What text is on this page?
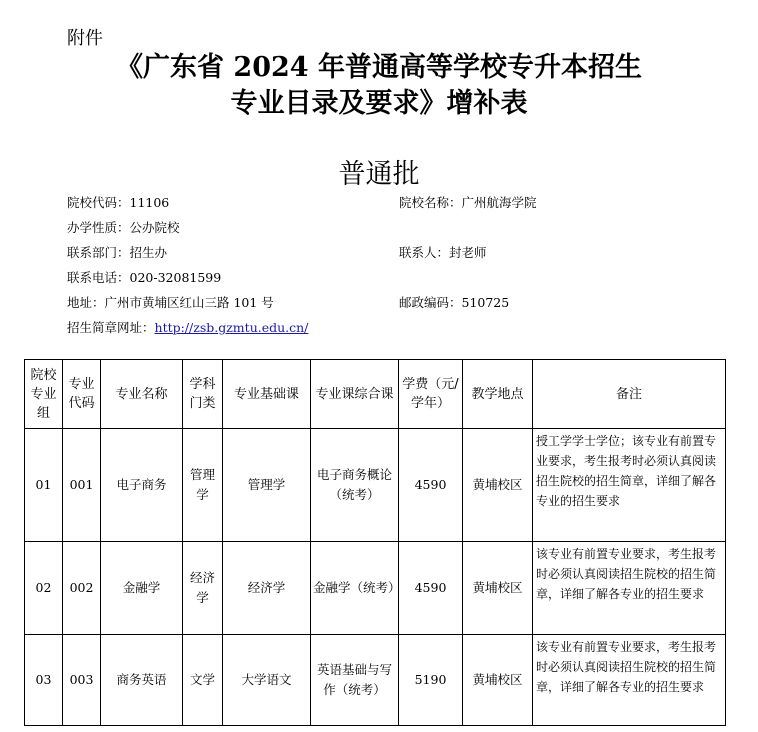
附件
《广东省 2024 年普通高等学校专升本招生
专业目录及要求》增补表
普通批
院校代码：11106	院校名称：广州航海学院
办学性质：公办院校
联系部门：招生办	联系人：封老师
联系电话：020-32081599
地址：广州市黄埔区红山三路 101 号	邮政编码：510725
招生简章网址：http://zsb.gzmtu.edu.cn/
院校专业组	专业代码	专业名称	学科门类	专业基础课	专业课综合课	学费（元/学年）	教学地点	备注
01	001	电子商务	管理学	管理学	电子商务概论（统考）	4590	黄埔校区	授工学学士学位；该专业有前置专业要求，考生报考时必须认真阅读招生院校的招生简章，详细了解各专业的招生要求
02	002	金融学	经济学	经济学	金融学（统考）	4590	黄埔校区	该专业有前置专业要求，考生报考时必须认真阅读招生院校的招生简章，详细了解各专业的招生要求
03	003	商务英语	文学	大学语文	英语基础与写作（统考）	5190	黄埔校区	该专业有前置专业要求，考生报考时必须认真阅读招生院校的招生简章，详细了解各专业的招生要求
